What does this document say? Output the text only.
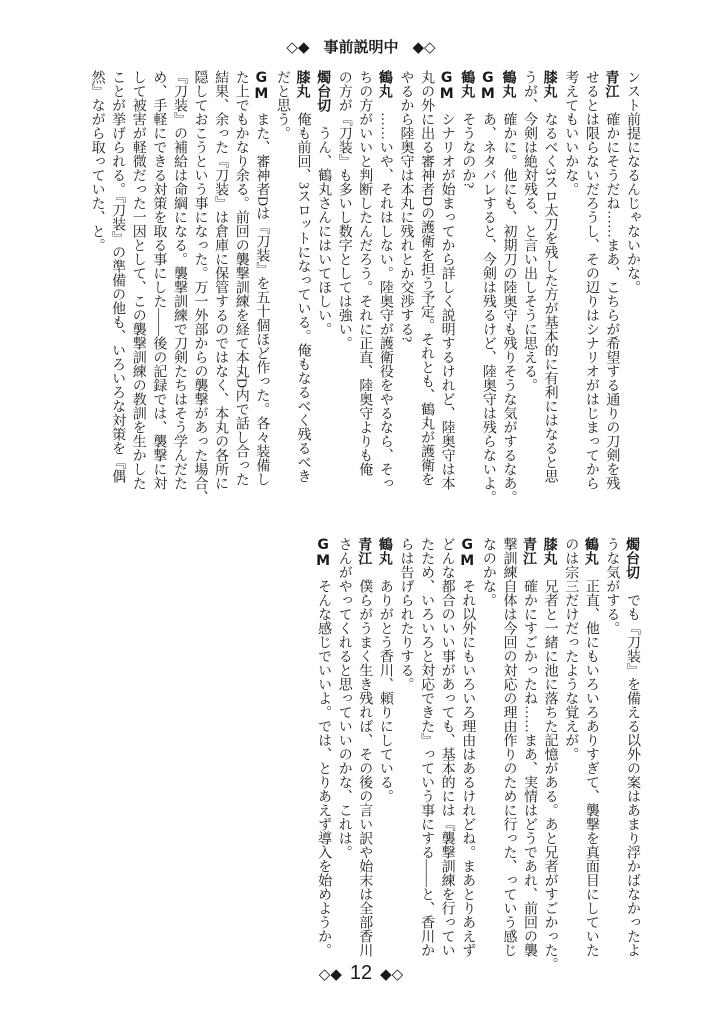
◇◆ 事前説明中 ◆◇
ンスト前提になるんじゃないかな。
青江確かにそうだね……まあ、こちらが希望する通りの刀剣を残
せるとは限らないだろうし、その辺りはシナリオがはじまってから
考えてもいいかな。
膝丸なるべく3スロ太刀を残した方が基本的に有利にはなると思
うが、今剣は絶対残る、と言い出しそうに思える。
鶴丸確かに。他にも、初期刀の陸奥守も残りそうな気がするなあ。
GMあ、ネタバレすると、今剣は残るけど、陸奥守は残らないよ。
鶴丸そうなのか?
GMシナリオが始まってから詳しく説明するけれど、陸奥守は本
丸の外に出る審神者Dの護衛を担う予定。それとも、鶴丸が護衛を
やるから陸奥守は本丸に残れとか交渉する?
鶴丸……いや、それはしない。陸奥守が護衛役をやるなら、そっ
ちの方がいいと判断したんだろう。それに正直、陸奥守よりも俺
の方が『刀装』も多いし数字としては強い。
燭台切うん、鶴丸さんにはいてほしい。
膝丸俺も前回、3スロットになっている。俺もなるべく残るべき
だと思う。
GMまた、審神者Dは『刀装』を五十個ほど作った。各々装備し
た上でもかなり余る。前回の襲撃訓練を経て本丸D内で話し合った
結果、余った『刀装』は倉庫に保管するのではなく、本丸の各所に
隠しておこうという事になった。万一外部からの襲撃があった場合、
『刀装』の補給は命綱になる。襲撃訓練で刀剣たちはそう学んだた
め、手軽にできる対策を取る事にした――後の記録では、襲撃に対
して被害が軽微だった一因として、この襲撃訓練の教訓を生かした
ことが挙げられる。『刀装』の準備の他も、いろいろな対策を『偶
然』ながら取っていた、と。
燭台切でも『刀装』を備える以外の案はあまり浮かばなかったよ
うな気がする。
鶴丸正直、他にもいろいろありすぎて、襲撃を真面目にしていた
のは宗三だけだったような覚えが。
膝丸兄者と一緒に池に落ちた記憶がある。あと兄者がすごかった。
青江確かにすごかったね……まあ、実情はどうであれ、前回の襲
撃訓練自体は今回の対応の理由作りのために行った、っていう感じ
なのかな。
GMそれ以外にもいろいろ理由はあるけれどね。まあとりあえず
どんな都合のいい事があっても、基本的には『襲撃訓練を行ってい
たため、いろいろと対応できた』っていう事にする――と、香川か
らは告げられたりする。
鶴丸ありがとう香川、頼りにしている。
青江僕らがうまく生き残れば、その後の言い訳や始末は全部香川
さんがやってくれると思っていいのかな、これは。
GMそんな感じでいいよ。では、とりあえず導入を始めようか。
◇◆ 12 ◆◇
